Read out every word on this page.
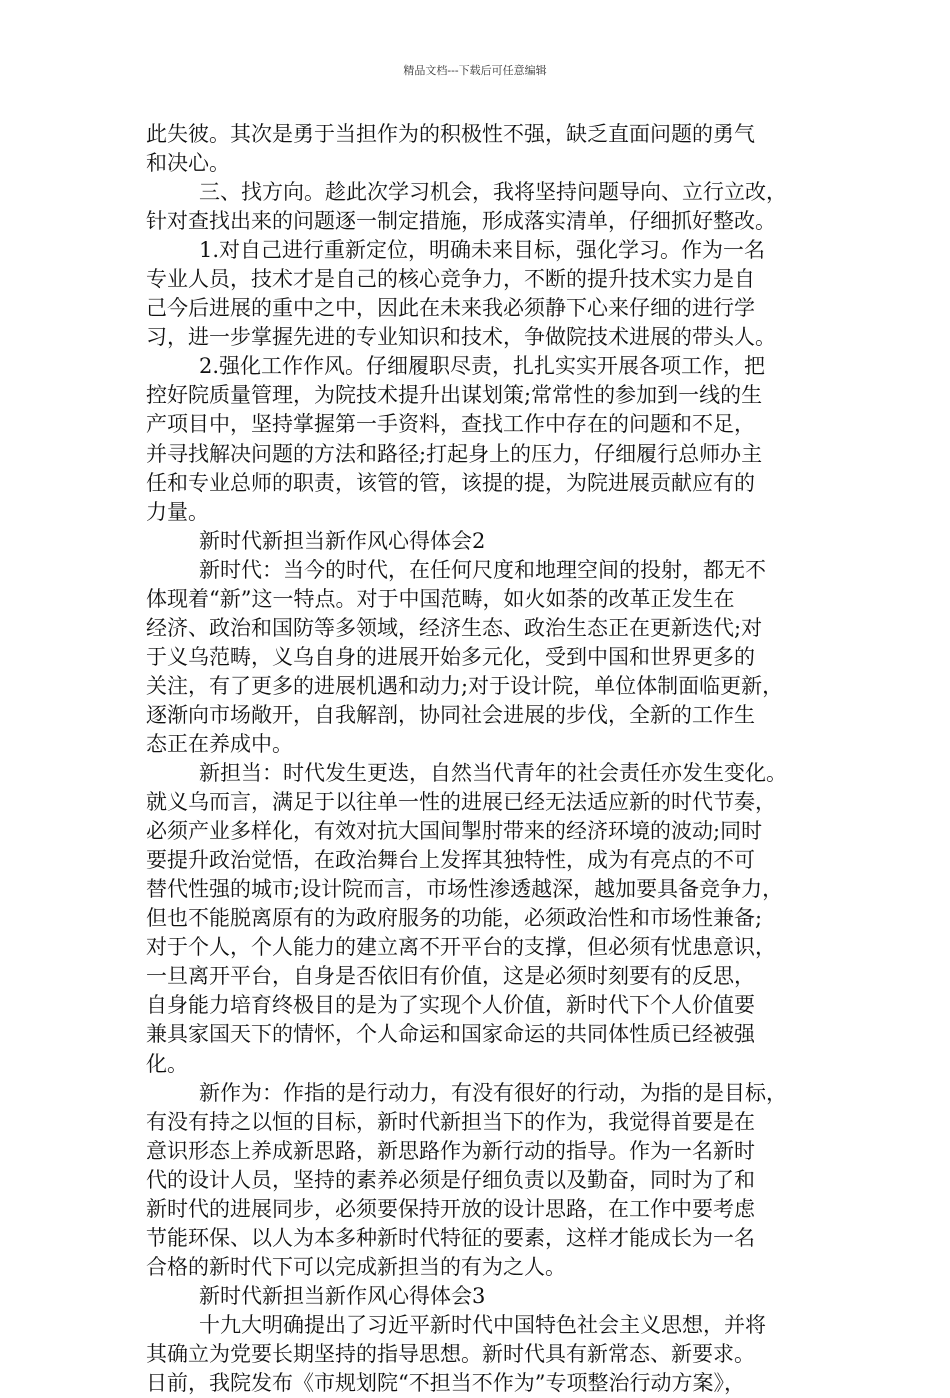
精品文档---下载后可任意编辑
此失彼。其次是勇于当担作为的积极性不强，缺乏直面问题的勇气
和决心。
三、找方向。趁此次学习机会，我将坚持问题导向、立行立改，
针对查找出来的问题逐一制定措施，形成落实清单，仔细抓好整改。
1.对自己进行重新定位，明确未来目标，强化学习。作为一名
专业人员，技术才是自己的核心竞争力，不断的提升技术实力是自
己今后进展的重中之中，因此在未来我必须静下心来仔细的进行学
习，进一步掌握先进的专业知识和技术，争做院技术进展的带头人。
2.强化工作作风。仔细履职尽责，扎扎实实开展各项工作，把
控好院质量管理，为院技术提升出谋划策;常常性的参加到一线的生
产项目中，坚持掌握第一手资料，查找工作中存在的问题和不足，
并寻找解决问题的方法和路径;打起身上的压力，仔细履行总师办主
任和专业总师的职责，该管的管，该提的提，为院进展贡献应有的
力量。
新时代新担当新作风心得体会2
新时代：当今的时代，在任何尺度和地理空间的投射，都无不
体现着“新”这一特点。对于中国范畴，如火如荼的改革正发生在
经济、政治和国防等多领域，经济生态、政治生态正在更新迭代;对
于义乌范畴，义乌自身的进展开始多元化，受到中国和世界更多的
关注，有了更多的进展机遇和动力;对于设计院，单位体制面临更新，
逐渐向市场敞开，自我解剖，协同社会进展的步伐，全新的工作生
态正在养成中。
新担当：时代发生更迭，自然当代青年的社会责任亦发生变化。
就义乌而言，满足于以往单一性的进展已经无法适应新的时代节奏，
必须产业多样化，有效对抗大国间掣肘带来的经济环境的波动;同时
要提升政治觉悟，在政治舞台上发挥其独特性，成为有亮点的不可
替代性强的城市;设计院而言，市场性渗透越深，越加要具备竞争力，
但也不能脱离原有的为政府服务的功能，必须政治性和市场性兼备;
对于个人，个人能力的建立离不开平台的支撑，但必须有忧患意识，
一旦离开平台，自身是否依旧有价值，这是必须时刻要有的反思，
自身能力培育终极目的是为了实现个人价值，新时代下个人价值要
兼具家国天下的情怀，个人命运和国家命运的共同体性质已经被强
化。
新作为：作指的是行动力，有没有很好的行动，为指的是目标，
有没有持之以恒的目标，新时代新担当下的作为，我觉得首要是在
意识形态上养成新思路，新思路作为新行动的指导。作为一名新时
代的设计人员，坚持的素养必须是仔细负责以及勤奋，同时为了和
新时代的进展同步，必须要保持开放的设计思路，在工作中要考虑
节能环保、以人为本多种新时代特征的要素，这样才能成长为一名
合格的新时代下可以完成新担当的有为之人。
新时代新担当新作风心得体会3
十九大明确提出了习近平新时代中国特色社会主义思想，并将
其确立为党要长期坚持的指导思想。新时代具有新常态、新要求。
日前，我院发布《市规划院“不担当不作为”专项整治行动方案》，
